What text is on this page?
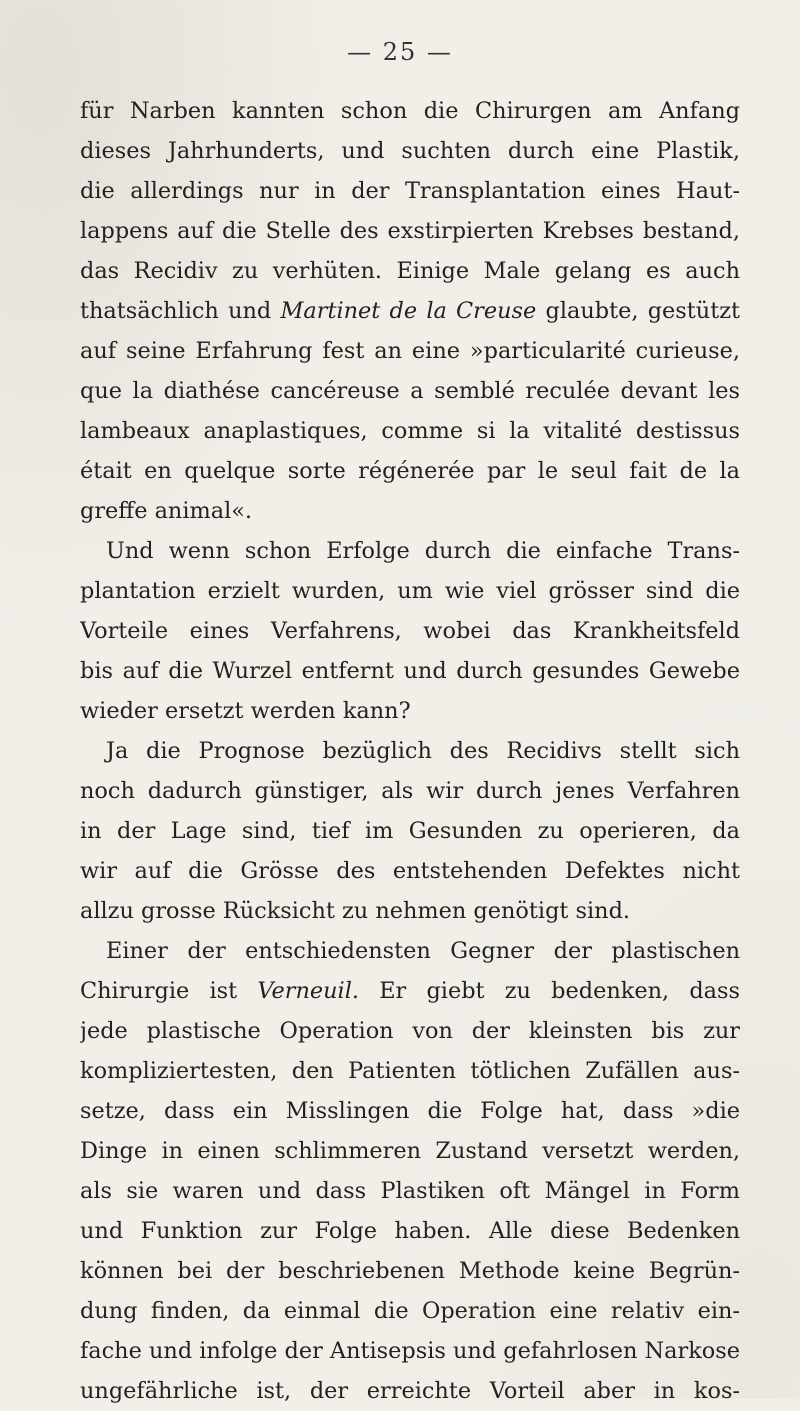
— 25 —
für Narben kannten schon die Chirurgen am Anfang
dieses Jahrhunderts, und suchten durch eine Plastik,
die allerdings nur in der Transplantation eines Haut-
lappens auf die Stelle des exstirpierten Krebses bestand,
das Recidiv zu verhüten. Einige Male gelang es auch
thatsächlich und Martinet de la Creuse glaubte, gestützt
auf seine Erfahrung fest an eine »particularité curieuse,
que la diathése cancéreuse a semblé reculée devant les
lambeaux anaplastiques, comme si la vitalité destissus
était en quelque sorte régénerée par le seul fait de la
greffe animal«.
Und wenn schon Erfolge durch die einfache Trans-
plantation erzielt wurden, um wie viel grösser sind die
Vorteile eines Verfahrens, wobei das Krankheitsfeld
bis auf die Wurzel entfernt und durch gesundes Gewebe
wieder ersetzt werden kann?
Ja die Prognose bezüglich des Recidivs stellt sich
noch dadurch günstiger, als wir durch jenes Verfahren
in der Lage sind, tief im Gesunden zu operieren, da
wir auf die Grösse des entstehenden Defektes nicht
allzu grosse Rücksicht zu nehmen genötigt sind.
Einer der entschiedensten Gegner der plastischen
Chirurgie ist Verneuil. Er giebt zu bedenken, dass
jede plastische Operation von der kleinsten bis zur
kompliziertesten, den Patienten tötlichen Zufällen aus-
setze, dass ein Misslingen die Folge hat, dass »die
Dinge in einen schlimmeren Zustand versetzt werden,
als sie waren und dass Plastiken oft Mängel in Form
und Funktion zur Folge haben. Alle diese Bedenken
können bei der beschriebenen Methode keine Begrün-
dung finden, da einmal die Operation eine relativ ein-
fache und infolge der Antisepsis und gefahrlosen Narkose
ungefährliche ist, der erreichte Vorteil aber in kos-
